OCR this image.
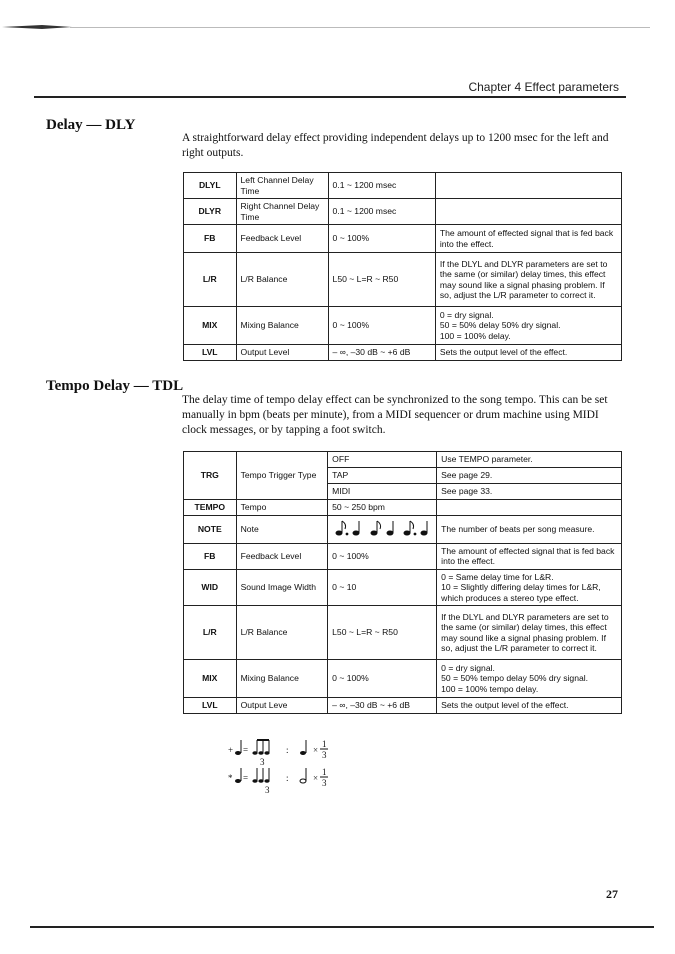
Chapter 4 Effect parameters
Delay — DLY
A straightforward delay effect providing independent delays up to 1200 msec for the left and right outputs.
DLYL	Left Channel Delay Time	0.1 ~ 1200 msec	
DLYR	Right Channel Delay Time	0.1 ~ 1200 msec	
FB	Feedback Level	0 ~ 100%	The amount of effected signal that is fed back into the effect.
L/R	L/R Balance	L50 ~ L=R ~ R50	If the DLYL and DLYR parameters are set to the same (or similar) delay times, this effect may sound like a signal phasing problem. If so, adjust the L/R parameter to correct it.
MIX	Mixing Balance	0 ~ 100%	0 = dry signal.
50 = 50% delay 50% dry signal.
100 = 100% delay.
LVL	Output Level	– ∞, –30 dB ~ +6 dB	Sets the output level of the effect.
Tempo Delay — TDL
The delay time of tempo delay effect can be synchronized to the song tempo. This can be set manually in bpm (beats per minute), from a MIDI sequencer or drum machine using MIDI clock messages, or by tapping a foot switch.
TRG	Tempo Trigger Type	OFF	Use TEMPO parameter.
		TAP	See page 29.
		MIDI	See page 33.
TEMPO	Tempo	50 ~ 250 bpm	
NOTE	Note		The number of beats per song measure.
FB	Feedback Level	0 ~ 100%	The amount of effected signal that is fed back into the effect.
WID	Sound Image Width	0 ~ 10	0 = Same delay time for L&R.
10 = Slightly differing delay times for L&R, which produces a stereo type effect.
L/R	L/R Balance	L50 ~ L=R ~ R50	If the DLYL and DLYR parameters are set to the same (or similar) delay times, this effect may sound like a signal phasing problem. If so, adjust the L/R parameter to correct it.
MIX	Mixing Balance	0 ~ 100%	0 = dry signal.
50 = 50% tempo delay 50% dry signal.
100 = 100% tempo delay.
LVL	Output Leve	– ∞, –30 dB ~ +6 dB	Sets the output level of the effect.
+ =
3
:	×
1
3
* =
3
:	×
1
3
27
